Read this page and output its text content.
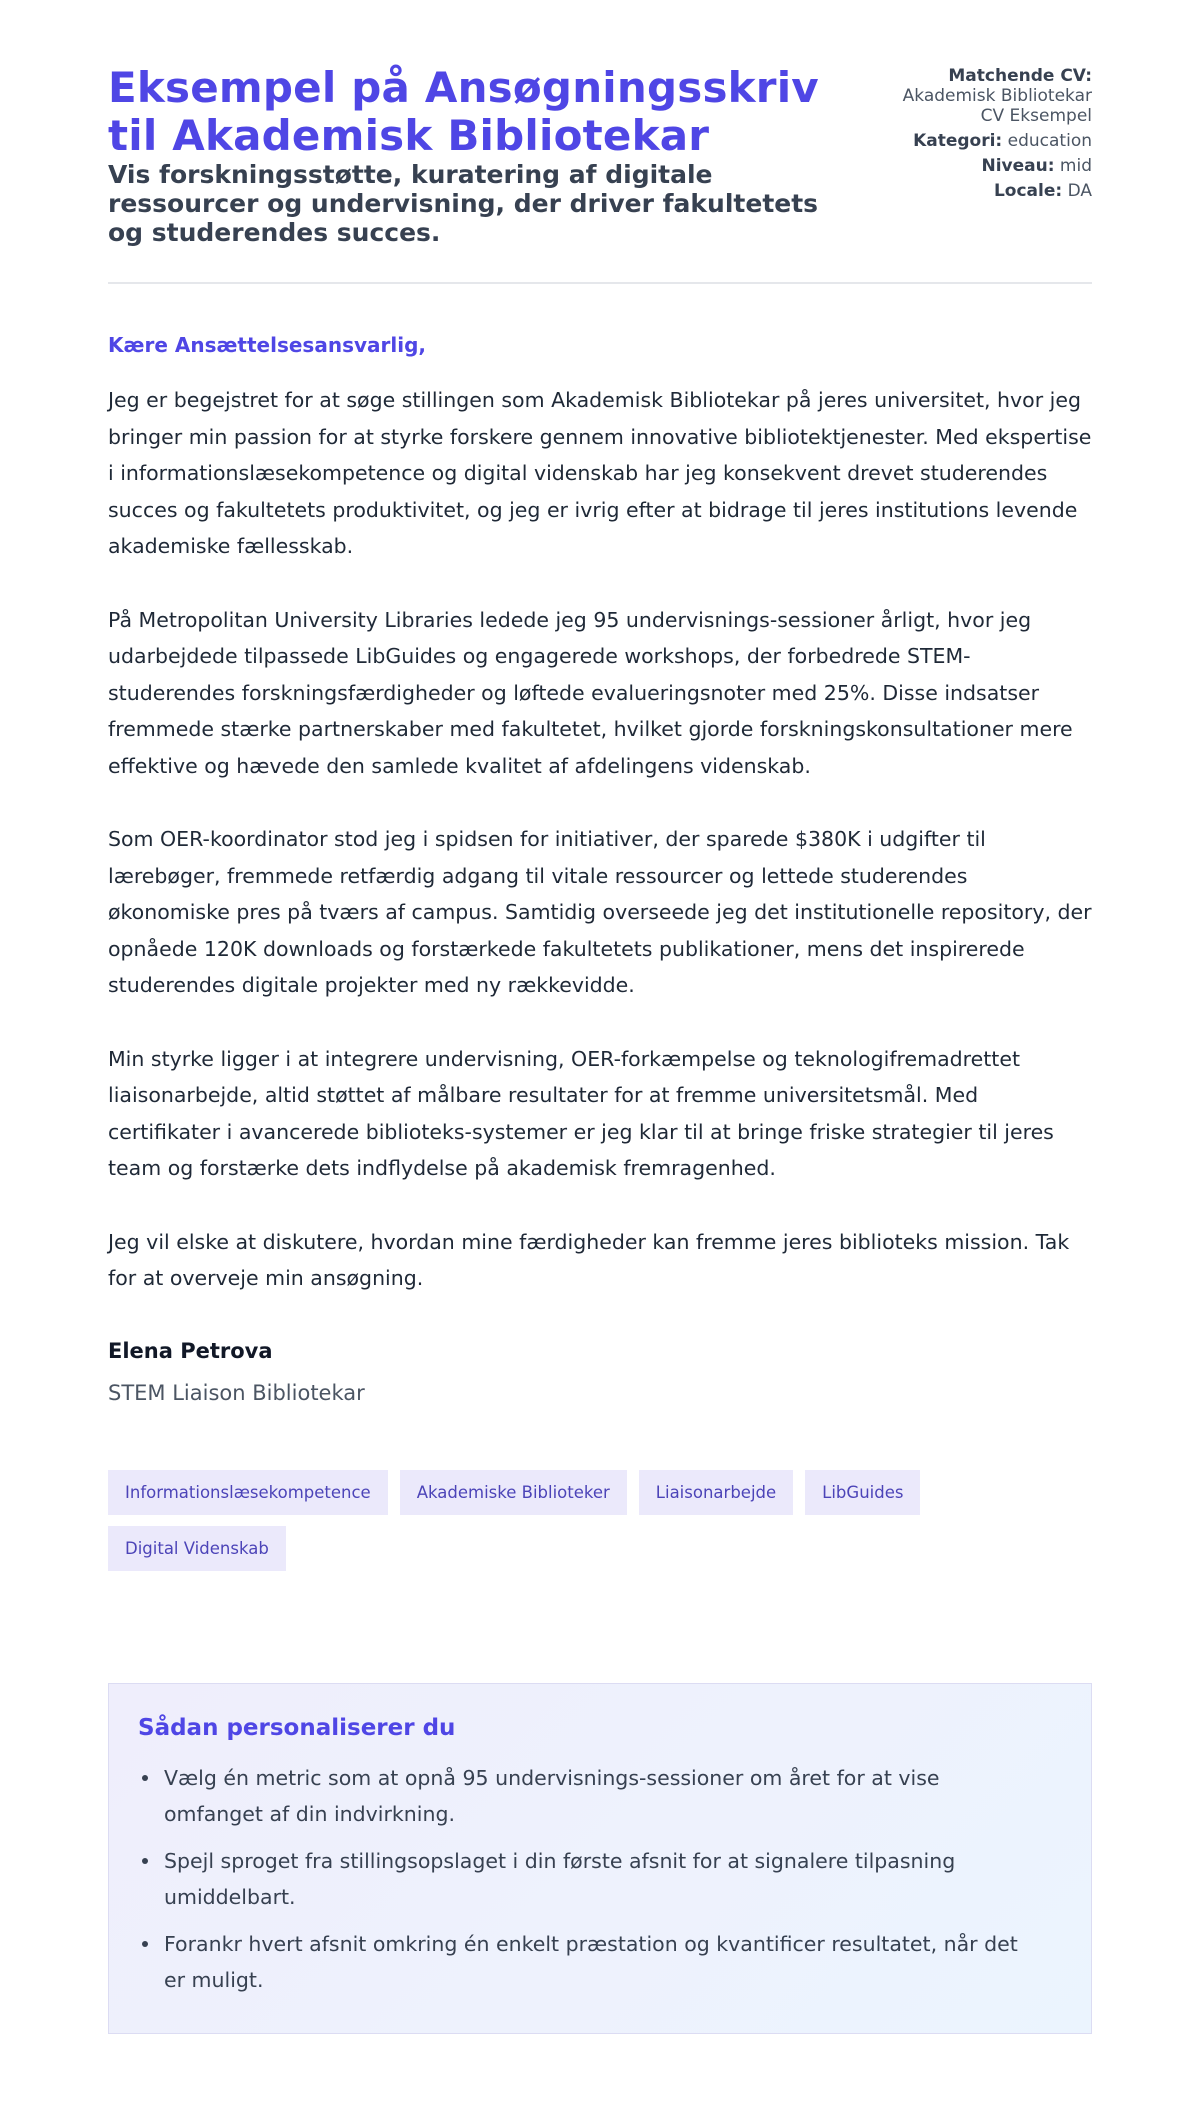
Eksempel på Ansøgningsskriv til Akademisk Bibliotekar
Vis forskningsstøtte, kuratering af digitale ressourcer og undervisning, der driver fakultetets og studerendes succes.
Matchende CV:
Akademisk Bibliotekar CV Eksempel
Kategori: education
Niveau: mid
Locale: DA

Kære Ansættelsesansvarlig,

Jeg er begejstret for at søge stillingen som Akademisk Bibliotekar på jeres universitet, hvor jeg bringer min passion for at styrke forskere gennem innovative bibliotektjenester. Med ekspertise i informationslæsekompetence og digital videnskab har jeg konsekvent drevet studerendes succes og fakultetets produktivitet, og jeg er ivrig efter at bidrage til jeres institutions levende akademiske fællesskab.

På Metropolitan University Libraries ledede jeg 95 undervisnings-sessioner årligt, hvor jeg udarbejdede tilpassede LibGuides og engagerede workshops, der forbedrede STEM-studerendes forskningsfærdigheder og løftede evalueringsnoter med 25%. Disse indsatser fremmede stærke partnerskaber med fakultetet, hvilket gjorde forskningskonsultationer mere effektive og hævede den samlede kvalitet af afdelingens videnskab.

Som OER-koordinator stod jeg i spidsen for initiativer, der sparede $380K i udgifter til lærebøger, fremmede retfærdig adgang til vitale ressourcer og lettede studerendes økonomiske pres på tværs af campus. Samtidig overseede jeg det institutionelle repository, der opnåede 120K downloads og forstærkede fakultetets publikationer, mens det inspirerede studerendes digitale projekter med ny rækkevidde.

Min styrke ligger i at integrere undervisning, OER-forkæmpelse og teknologifremadrettet liaisonarbejde, altid støttet af målbare resultater for at fremme universitetsmål. Med certifikater i avancerede biblioteks-systemer er jeg klar til at bringe friske strategier til jeres team og forstærke dets indflydelse på akademisk fremragenhed.

Jeg vil elske at diskutere, hvordan mine færdigheder kan fremme jeres biblioteks mission. Tak for at overveje min ansøgning.

Elena Petrova

STEM Liaison Bibliotekar

Informationslæsekompetence	Akademiske Biblioteker	Liaisonarbejde	LibGuides
Digital Videnskab
Sådan personaliserer du
Vælg én metric som at opnå 95 undervisnings-sessioner om året for at vise omfanget af din indvirkning.
Spejl sproget fra stillingsopslaget i din første afsnit for at signalere tilpasning umiddelbart.
Forankr hvert afsnit omkring én enkelt præstation og kvantificer resultatet, når det er muligt.
